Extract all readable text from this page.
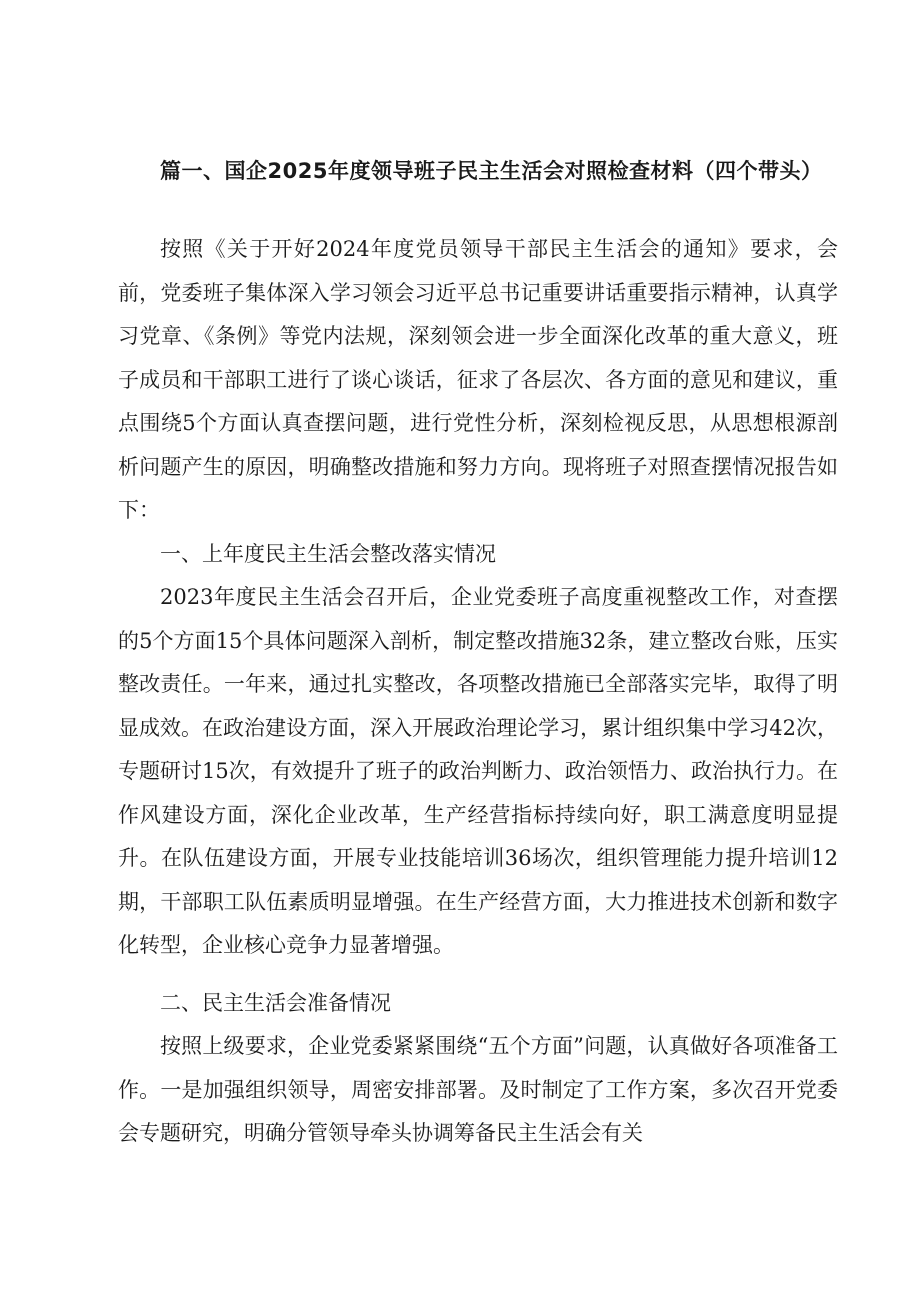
篇一、国企2025年度领导班子民主生活会对照检查材料（四个带头）

按照《关于开好2024年度党员领导干部民主生活会的通知》要求，会前，党委班子集体深入学习领会习近平总书记重要讲话重要指示精神，认真学习党章、《条例》等党内法规，深刻领会进一步全面深化改革的重大意义，班子成员和干部职工进行了谈心谈话，征求了各层次、各方面的意见和建议，重点围绕5个方面认真查摆问题，进行党性分析，深刻检视反思，从思想根源剖析问题产生的原因，明确整改措施和努力方向。现将班子对照查摆情况报告如下：

一、上年度民主生活会整改落实情况

2023年度民主生活会召开后，企业党委班子高度重视整改工作，对查摆的5个方面15个具体问题深入剖析，制定整改措施32条，建立整改台账，压实整改责任。一年来，通过扎实整改，各项整改措施已全部落实完毕，取得了明显成效。在政治建设方面，深入开展政治理论学习，累计组织集中学习42次，专题研讨15次，有效提升了班子的政治判断力、政治领悟力、政治执行力。在作风建设方面，深化企业改革，生产经营指标持续向好，职工满意度明显提升。在队伍建设方面，开展专业技能培训36场次，组织管理能力提升培训12期，干部职工队伍素质明显增强。在生产经营方面，大力推进技术创新和数字化转型，企业核心竞争力显著增强。

二、民主生活会准备情况

按照上级要求，企业党委紧紧围绕“五个方面”问题，认真做好各项准备工作。一是加强组织领导，周密安排部署。及时制定了工作方案，多次召开党委会专题研究，明确分管领导牵头协调筹备民主生活会有关
